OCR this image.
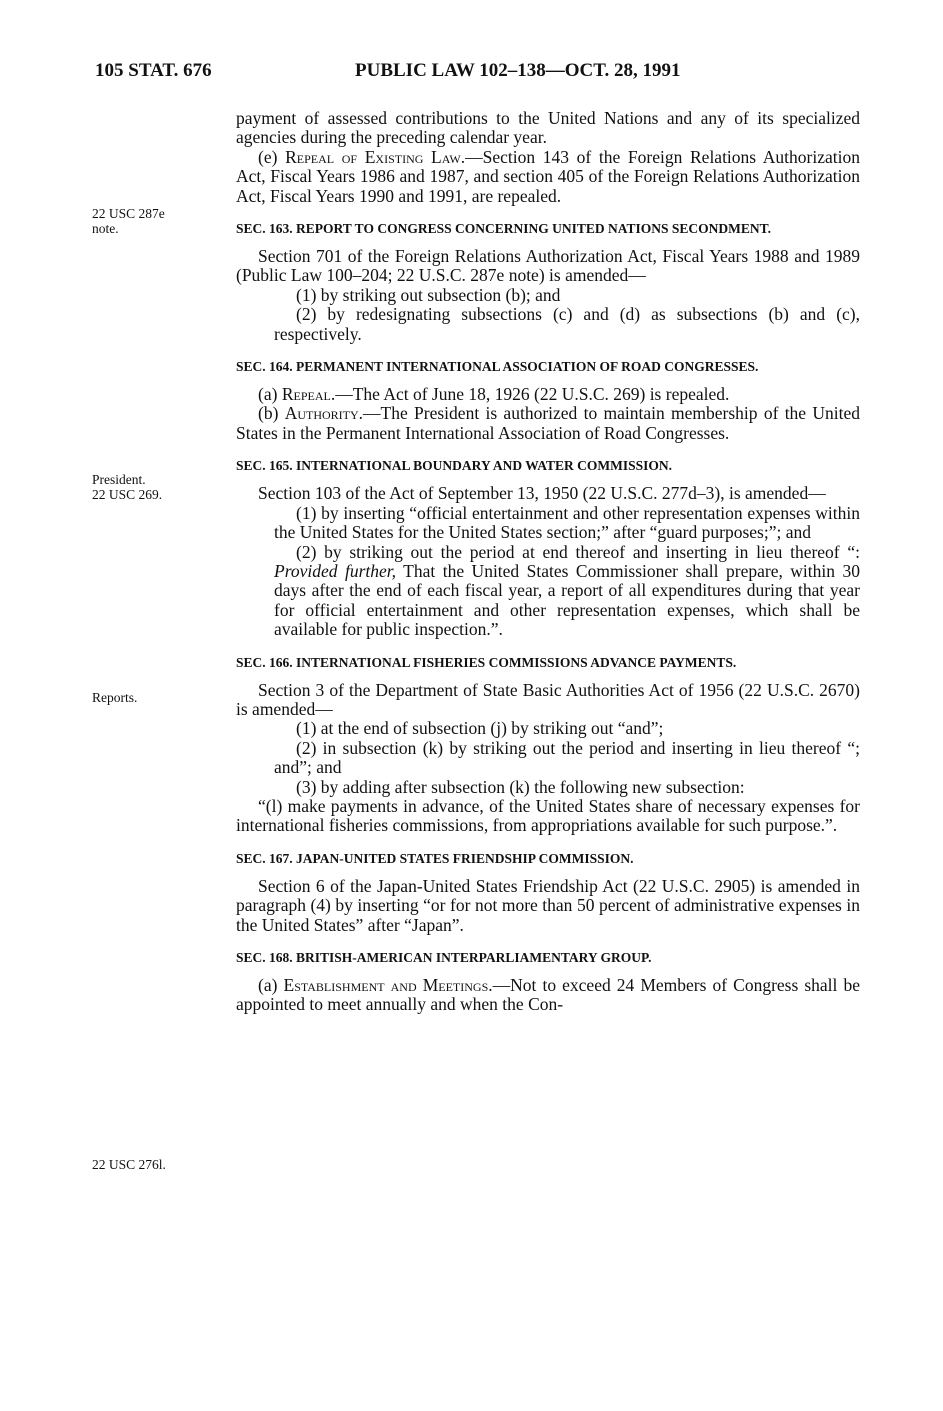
105 STAT. 676	PUBLIC LAW 102–138—OCT. 28, 1991
22 USC 287e
note.
President.
22 USC 269.
Reports.
22 USC 276l.

payment of assessed contributions to the United Nations and any of its specialized agencies during the preceding calendar year.

(e) Repeal of Existing Law.—Section 143 of the Foreign Relations Authorization Act, Fiscal Years 1986 and 1987, and section 405 of the Foreign Relations Authorization Act, Fiscal Years 1990 and 1991, are repealed.

SEC. 163. REPORT TO CONGRESS CONCERNING UNITED NATIONS SECONDMENT.

Section 701 of the Foreign Relations Authorization Act, Fiscal Years 1988 and 1989 (Public Law 100–204; 22 U.S.C. 287e note) is amended—

(1) by striking out subsection (b); and

(2) by redesignating subsections (c) and (d) as subsections (b) and (c), respectively.

SEC. 164. PERMANENT INTERNATIONAL ASSOCIATION OF ROAD CONGRESSES.

(a) Repeal.—The Act of June 18, 1926 (22 U.S.C. 269) is repealed.

(b) Authority.—The President is authorized to maintain membership of the United States in the Permanent International Association of Road Congresses.

SEC. 165. INTERNATIONAL BOUNDARY AND WATER COMMISSION.

Section 103 of the Act of September 13, 1950 (22 U.S.C. 277d–3), is amended—

(1) by inserting “official entertainment and other representation expenses within the United States for the United States section;” after “guard purposes;”; and

(2) by striking out the period at end thereof and inserting in lieu thereof “: Provided further, That the United States Commissioner shall prepare, within 30 days after the end of each fiscal year, a report of all expenditures during that year for official entertainment and other representation expenses, which shall be available for public inspection.”.

SEC. 166. INTERNATIONAL FISHERIES COMMISSIONS ADVANCE PAYMENTS.

Section 3 of the Department of State Basic Authorities Act of 1956 (22 U.S.C. 2670) is amended—

(1) at the end of subsection (j) by striking out “and”;

(2) in subsection (k) by striking out the period and inserting in lieu thereof “; and”; and

(3) by adding after subsection (k) the following new subsection:

“(l) make payments in advance, of the United States share of necessary expenses for international fisheries commissions, from appropriations available for such purpose.”.

SEC. 167. JAPAN-UNITED STATES FRIENDSHIP COMMISSION.

Section 6 of the Japan-United States Friendship Act (22 U.S.C. 2905) is amended in paragraph (4) by inserting “or for not more than 50 percent of administrative expenses in the United States” after “Japan”.

SEC. 168. BRITISH-AMERICAN INTERPARLIAMENTARY GROUP.

(a) Establishment and Meetings.—Not to exceed 24 Members of Congress shall be appointed to meet annually and when the Con-
